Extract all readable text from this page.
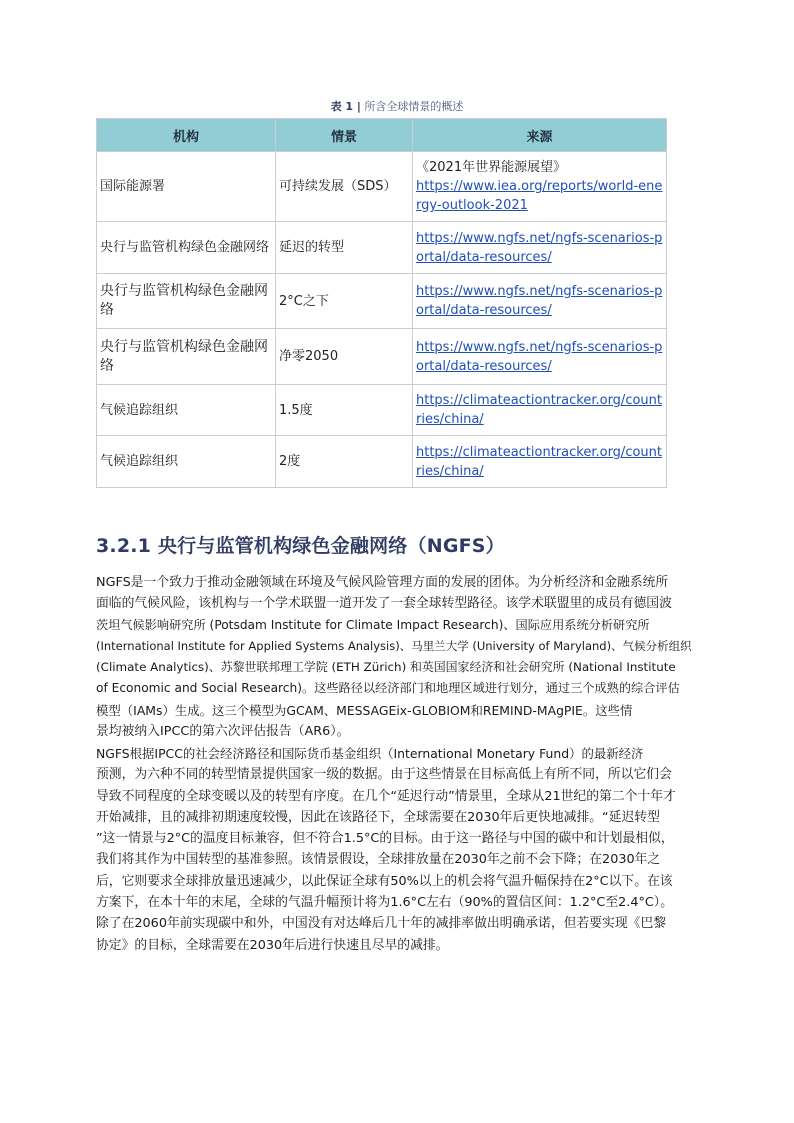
表 1 | 所含全球情景的概述
机构	情景	来源
国际能源署	可持续发展（SDS）	《2021年世界能源展望》
https://www.iea.org/reports/world-energy-outlook-2021

央行与监管机构绿色金融网络	延迟的转型	https://www.ngfs.net/ngfs-scenarios-portal/data-resources/

央行与监管机构绿色金融网络	2°C之下	https://www.ngfs.net/ngfs-scenarios-portal/data-resources/

央行与监管机构绿色金融网络	净零2050	https://www.ngfs.net/ngfs-scenarios-portal/data-resources/

气候追踪组织	1.5度	https://climateactiontracker.org/countries/china/

气候追踪组织	2度	https://climateactiontracker.org/countries/china/
3.2.1 央行与监管机构绿色金融网络（NGFS）
NGFS是一个致力于推动金融领域在环境及气候风险管理方面的发展的团体。为分析经济和金融系统所
面临的气候风险，该机构与一个学术联盟一道开发了一套全球转型路径。该学术联盟里的成员有德国波
茨坦气候影响研究所 (Potsdam Institute for Climate Impact Research)、国际应用系统分析研究所
(International Institute for Applied Systems Analysis)、马里兰大学 (University of Maryland)、气候分析组织
(Climate Analytics)、苏黎世联邦理工学院 (ETH Zürich) 和英国国家经济和社会研究所 (National Institute
of Economic and Social Research)。这些路径以经济部门和地理区域进行划分，通过三个成熟的综合评估
模型（IAMs）生成。这三个模型为GCAM、MESSAGEix-GLOBIOM和REMIND-MAgPIE。这些情
景均被纳入IPCC的第六次评估报告（AR6）。
NGFS根据IPCC的社会经济路径和国际货币基金组织（International Monetary Fund）的最新经济
预测，为六种不同的转型情景提供国家一级的数据。由于这些情景在目标高低上有所不同，所以它们会
导致不同程度的全球变暖以及的转型有序度。在几个“延迟行动”情景里，全球从21世纪的第二个十年才
开始减排，且的减排初期速度较慢，因此在该路径下，全球需要在2030年后更快地减排。“延迟转型
”这一情景与2°C的温度目标兼容，但不符合1.5°C的目标。由于这一路径与中国的碳中和计划最相似，
我们将其作为中国转型的基准参照。该情景假设，全球排放量在2030年之前不会下降；在2030年之
后，它则要求全球排放量迅速减少，以此保证全球有50%以上的机会将气温升幅保持在2°C以下。在该
方案下，在本十年的末尾，全球的气温升幅预计将为1.6°C左右（90%的置信区间：1.2°C至2.4°C）。
除了在2060年前实现碳中和外，中国没有对达峰后几十年的减排率做出明确承诺，但若要实现《巴黎
协定》的目标，全球需要在2030年后进行快速且尽早的减排。
